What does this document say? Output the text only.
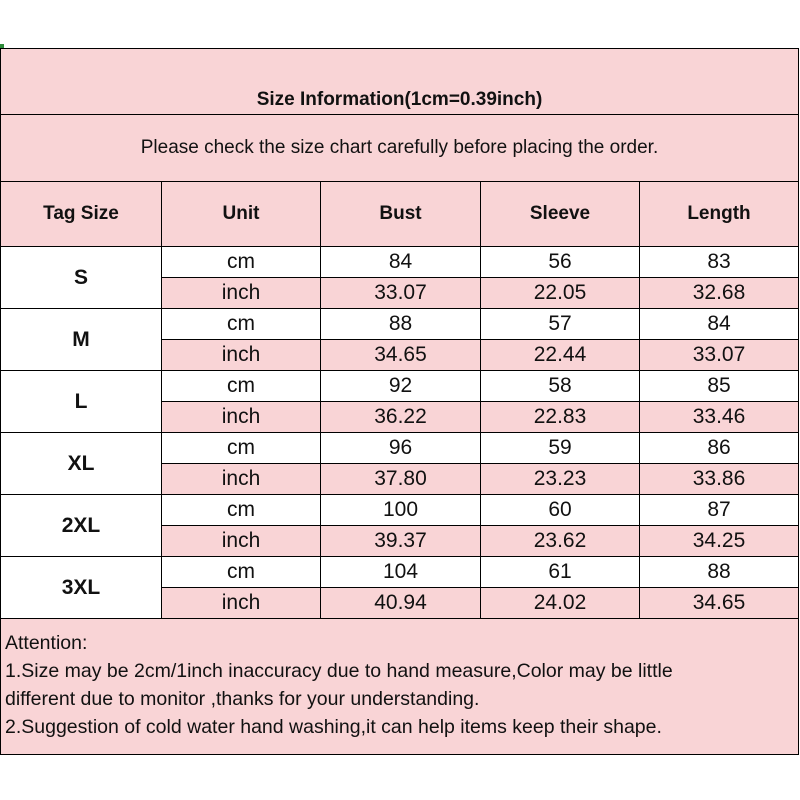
Size Information(1cm=0.39inch)
Please check the size chart carefully before placing the order.
Tag Size	Unit	Bust	Sleeve	Length
S
cm	84	56	83
inch	33.07	22.05	32.68
M
cm	88	57	84
inch	34.65	22.44	33.07
L
cm	92	58	85
inch	36.22	22.83	33.46
XL
cm	96	59	86
inch	37.80	23.23	33.86
2XL
cm	100	60	87
inch	39.37	23.62	34.25
3XL
cm	104	61	88
inch	40.94	24.02	34.65
Attention:
1.Size may be 2cm/1inch inaccuracy due to hand measure,Color may be little
different due to monitor ,thanks for your understanding.
2.Suggestion of cold water hand washing,it can help items keep their shape.
